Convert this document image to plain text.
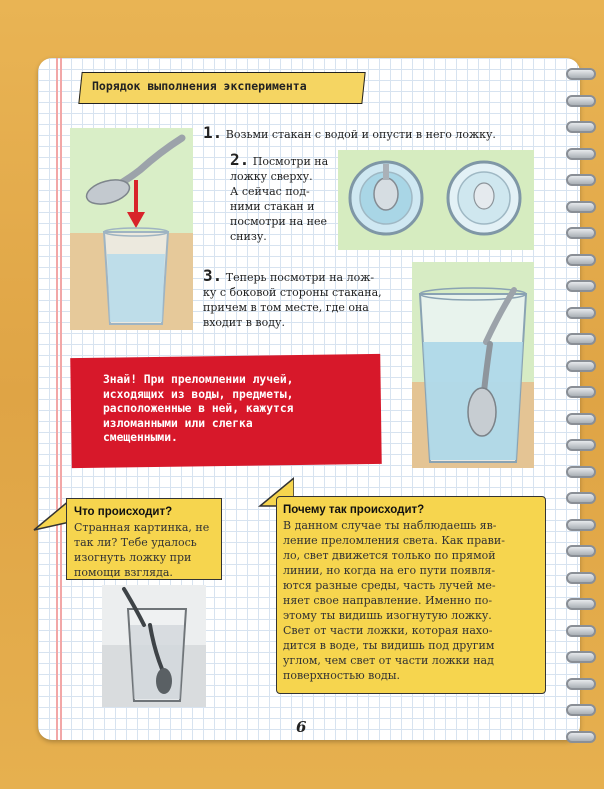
Порядок выполнения эксперимента
1. Возьми стакан с водой и опусти в него ложку.
2. Посмотри на
ложку сверху.
А сейчас под-
ними стакан и
посмотри на нее
снизу.
3. Теперь посмотри на лож-
ку с боковой стороны стакана,
причем в том месте, где она
входит в воду.
Знай! При преломлении лучей,
исходящих из воды, предметы,
расположенные в ней, кажутся
изломанными или слегка
смещенными.
Что происходит?
Странная картинка, не
так ли? Тебе удалось
изогнуть ложку при
помощи взгляда.
Почему так происходит?
В данном случае ты наблюдаешь яв-
ление преломления света. Как прави-
ло, свет движется только по прямой
линии, но когда на его пути появля-
ются разные среды, часть лучей ме-
няет свое направление. Именно по-
этому ты видишь изогнутую ложку.
Свет от части ложки, которая нахо-
дится в воде, ты видишь под другим
углом, чем свет от части ложки над
поверхностью воды.
6
